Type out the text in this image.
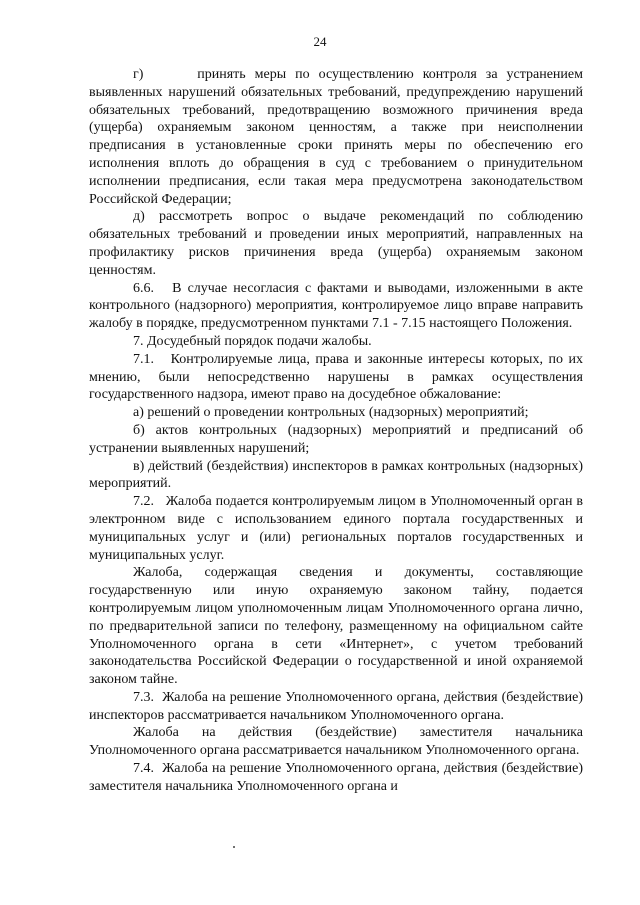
24

г)      принять меры по осуществлению контроля за устранением выявленных нарушений обязательных требований, предупреждению нарушений обязательных требований, предотвращению возможного причинения вреда (ущерба) охраняемым законом ценностям, а также при неисполнении предписания в установленные сроки принять меры по обеспечению его исполнения вплоть до обращения в суд с требованием о принудительном исполнении предписания, если такая мера предусмотрена законодательством Российской Федерации;

д) рассмотреть вопрос о выдаче рекомендаций по соблюдению обязательных требований и проведении иных мероприятий, направленных на профилактику рисков причинения вреда (ущерба) охраняемым законом ценностям.

6.6.   В случае несогласия с фактами и выводами, изложенными в акте контрольного (надзорного) мероприятия, контролируемое лицо вправе направить жалобу в порядке, предусмотренном пунктами 7.1 - 7.15 настоящего Положения.

7. Досудебный порядок подачи жалобы.

7.1.   Контролируемые лица, права и законные интересы которых, по их мнению, были непосредственно нарушены в рамках осуществления государственного надзора, имеют право на досудебное обжалование:

а) решений о проведении контрольных (надзорных) мероприятий;

б) актов контрольных (надзорных) мероприятий и предписаний об устранении выявленных нарушений;

в) действий (бездействия) инспекторов в рамках контрольных (надзорных) мероприятий.

7.2.   Жалоба подается контролируемым лицом в Уполномоченный орган в электронном виде с использованием единого портала государственных и муниципальных услуг и (или) региональных порталов государственных и муниципальных услуг.

Жалоба, содержащая сведения и документы, составляющие государственную или иную охраняемую законом тайну, подается контролируемым лицом уполномоченным лицам Уполномоченного органа лично, по предварительной записи по телефону, размещенному на официальном сайте Уполномоченного органа в сети «Интернет», с учетом требований законодательства Российской Федерации о государственной и иной охраняемой законом тайне.

7.3.  Жалоба на решение Уполномоченного органа, действия (бездействие) инспекторов рассматривается начальником Уполномоченного органа.

Жалоба на действия (бездействие) заместителя начальника Уполномоченного органа рассматривается начальником Уполномоченного органа.

7.4.  Жалоба на решение Уполномоченного органа, действия (бездействие) заместителя начальника Уполномоченного органа и
